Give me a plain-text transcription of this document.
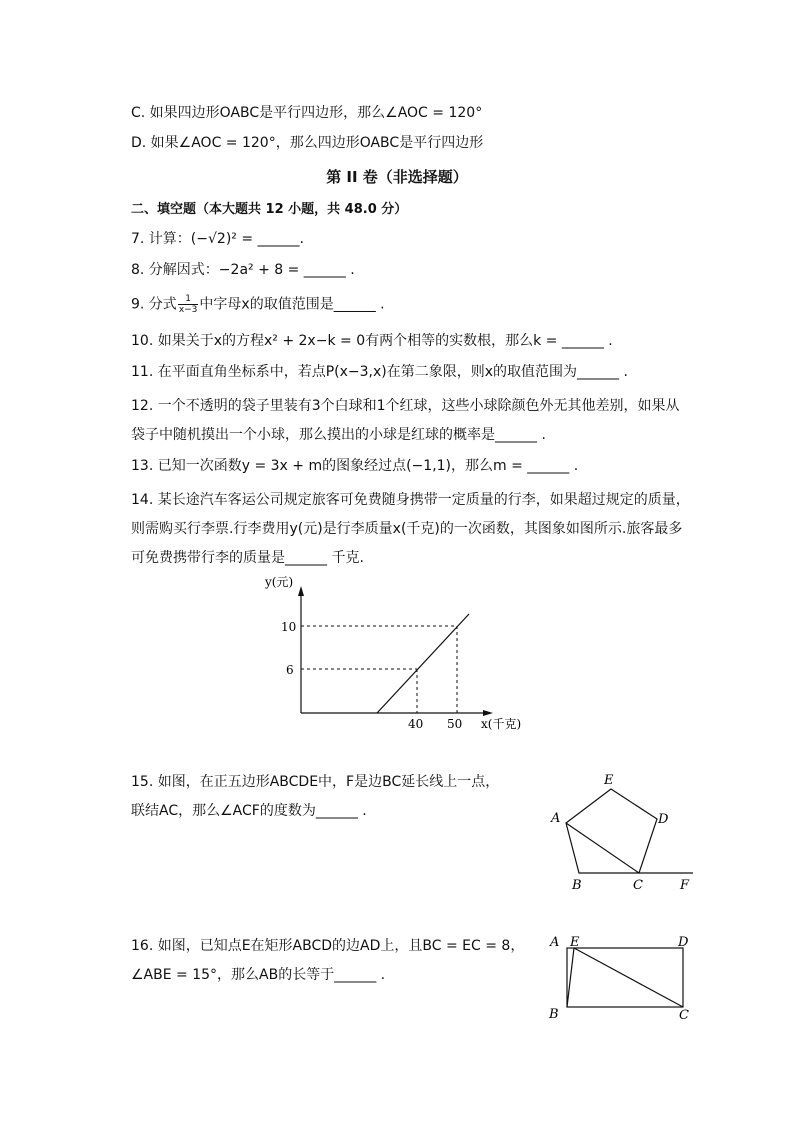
C. 如果四边形OABC是平行四边形，那么∠AOC = 120°
D. 如果∠AOC = 120°，那么四边形OABC是平行四边形
第 II 卷（非选择题）
二、填空题（本大题共 12 小题，共 48.0 分）
7. 计算：(−√2)² = ______.
8. 分解因式：−2a² + 8 = ______ .
9. 分式 $\frac{1}{x-3}$ 中字母x的取值范围是______ .
10. 如果关于x的方程x² + 2x−k = 0有两个相等的实数根，那么k = ______ .
11. 在平面直角坐标系中，若点P(x−3,x)在第二象限，则x的取值范围为______ .
12. 一个不透明的袋子里装有3个白球和1个红球，这些小球除颜色外无其他差别，如果从袋子中随机摸出一个小球，那么摸出的小球是红球的概率是______ .
13. 已知一次函数y = 3x + m的图象经过点(−1,1)，那么m = ______ .
14. 某长途汽车客运公司规定旅客可免费随身携带一定质量的行李，如果超过规定的质量，则需购买行李票.行李费用y(元)是行李质量x(千克)的一次函数，其图象如图所示.旅客最多可免费携带行李的质量是______ 千克.
y(元)
x(千克)
10
6
40 50
15. 如图，在正五边形ABCDE中，F是边BC延长线上一点，联结AC，那么∠ACF的度数为______ .
E
A	D
B	C	F
16. 如图，已知点E在矩形ABCD的边AD上，且BC = EC = 8，∠ABE = 15°，那么AB的长等于______ .
A E	D
B	C
